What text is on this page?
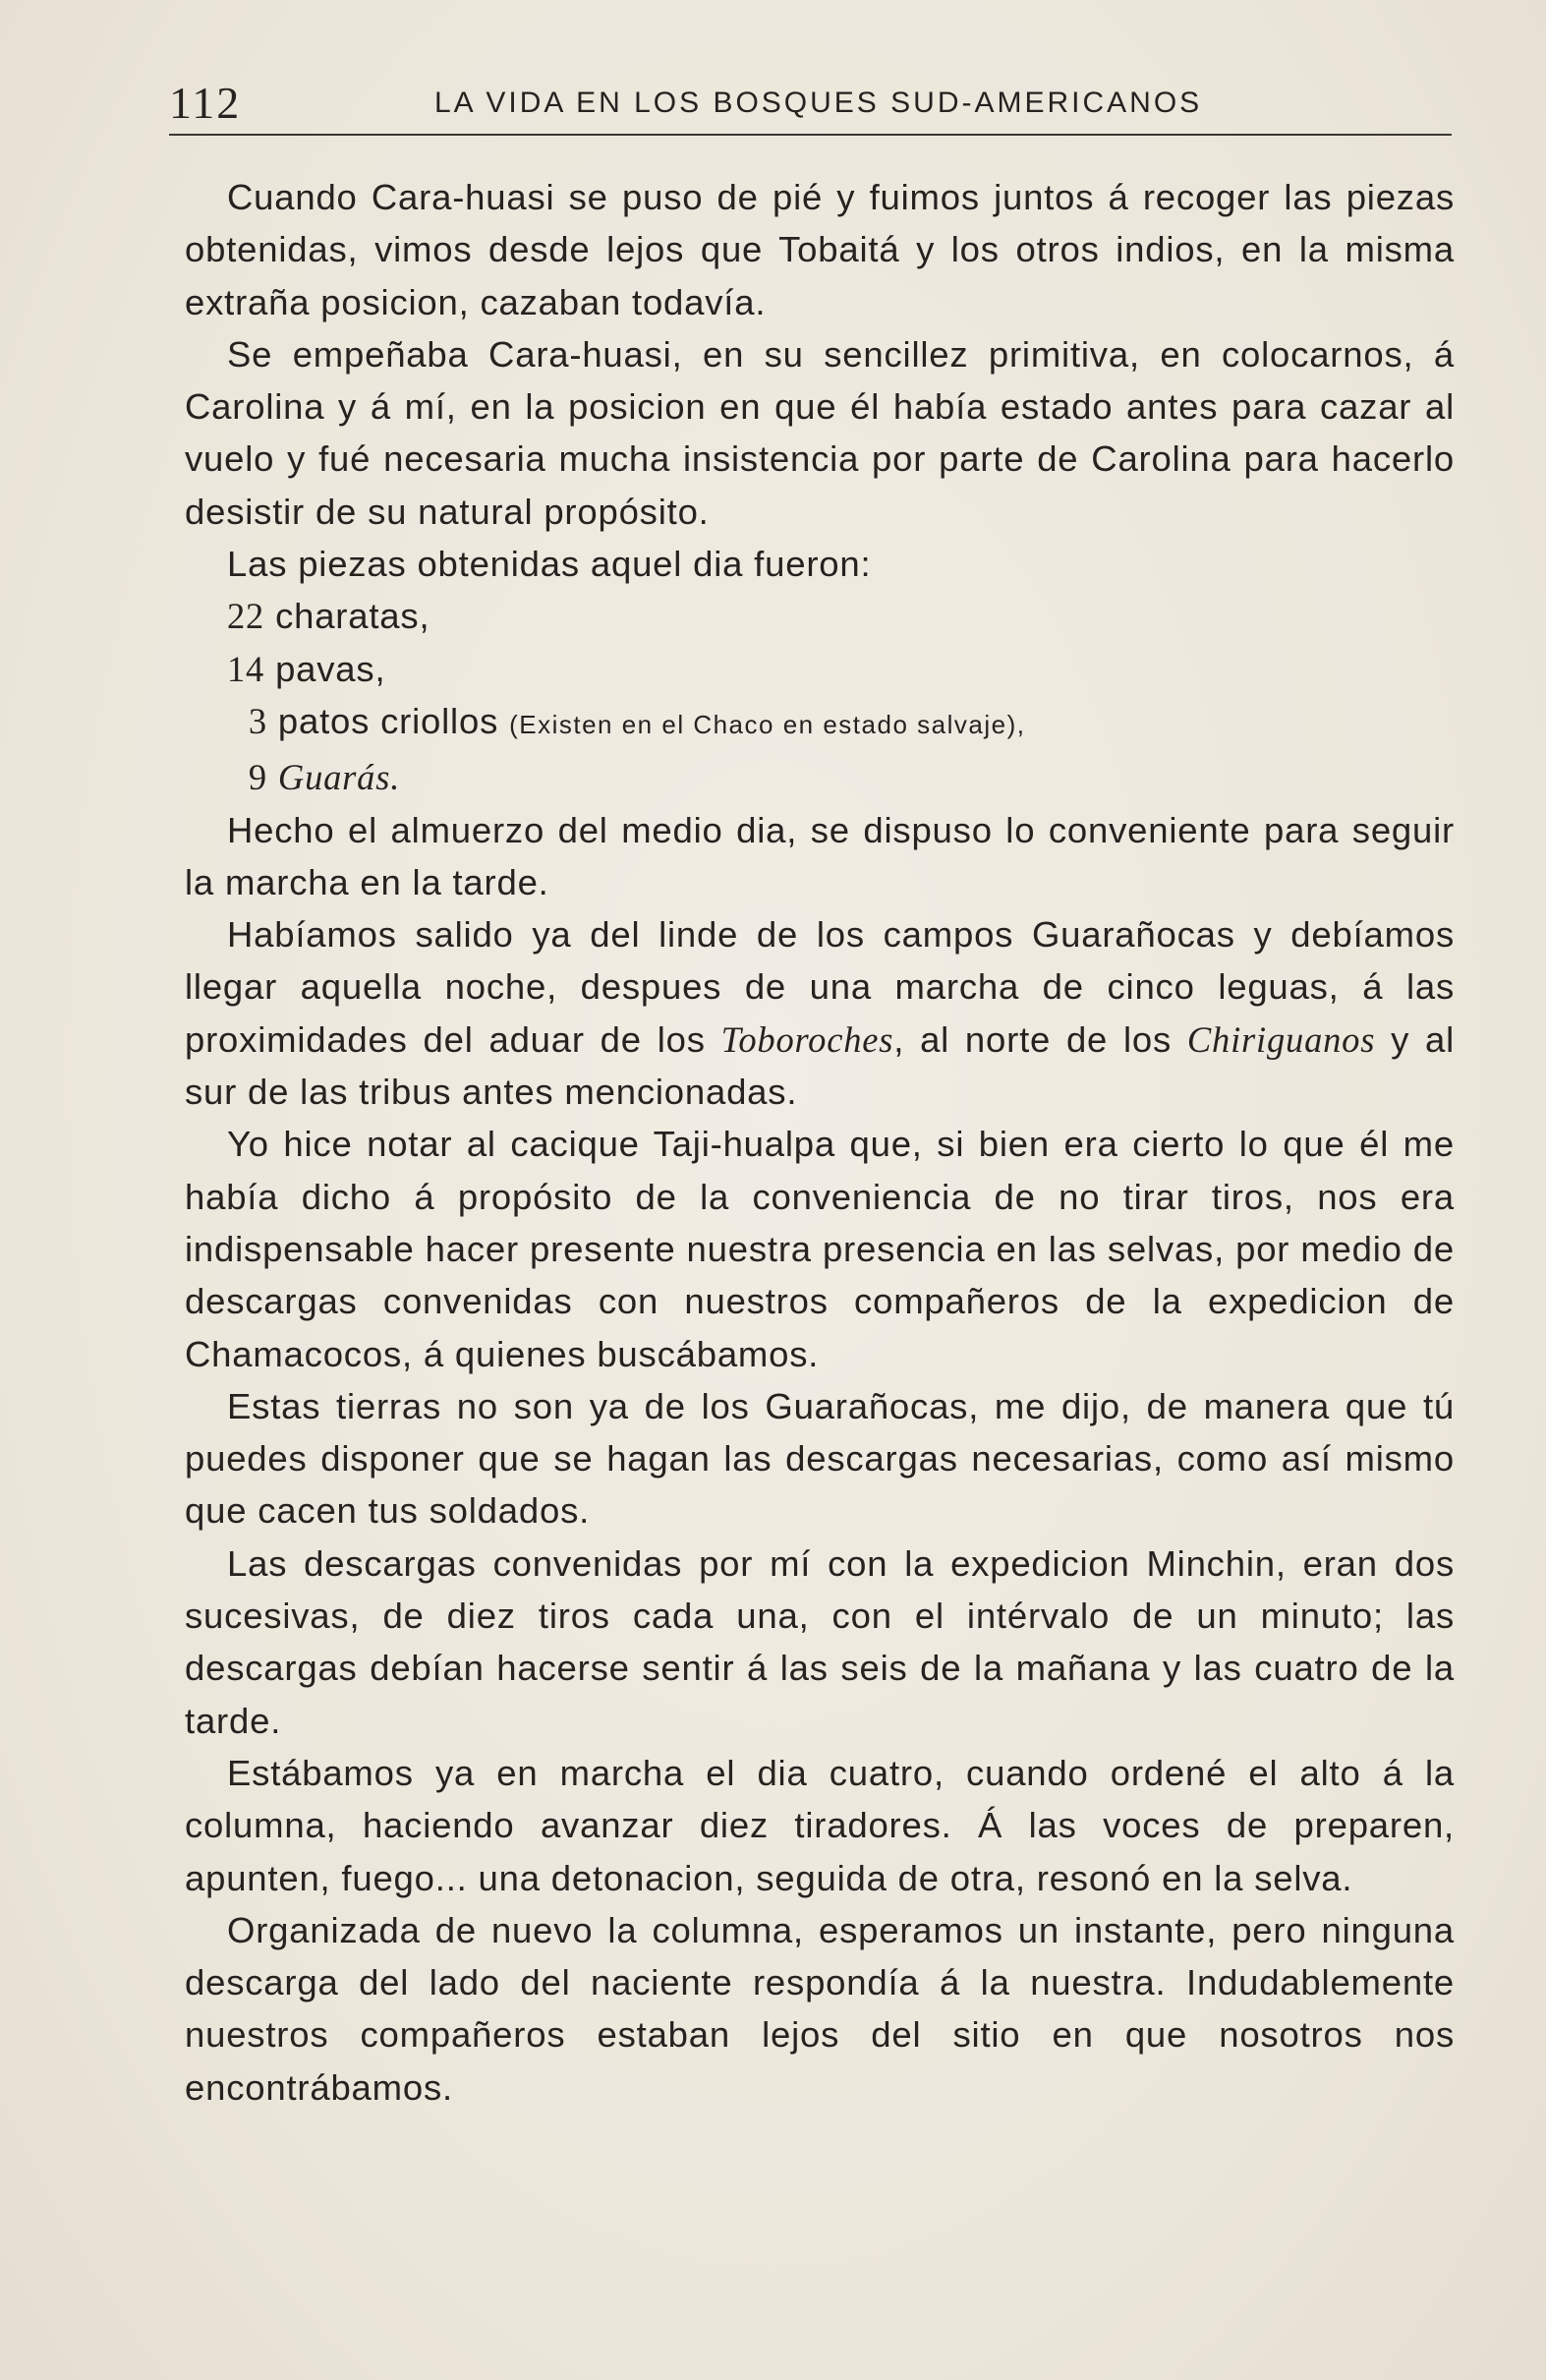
112	LA VIDA EN LOS BOSQUES SUD-AMERICANOS

Cuando Cara-huasi se puso de pié y fuimos juntos á recoger las piezas obtenidas, vimos desde lejos que Tobaitá y los otros indios, en la misma extraña posicion, cazaban todavía.

Se empeñaba Cara-huasi, en su sencillez primitiva, en colocarnos, á Carolina y á mí, en la posicion en que él había estado antes para cazar al vuelo y fué necesaria mucha insistencia por parte de Carolina para hacerlo desistir de su natural propósito.

Las piezas obtenidas aquel dia fueron:

22 charatas,

14 pavas,

3 patos criollos (Existen en el Chaco en estado salvaje),

9 Guarás.

Hecho el almuerzo del medio dia, se dispuso lo conveniente para seguir la marcha en la tarde.

Habíamos salido ya del linde de los campos Guarañocas y debíamos llegar aquella noche, despues de una marcha de cinco leguas, á las proximidades del aduar de los Toboroches, al norte de los Chiriguanos y al sur de las tribus antes mencionadas.

Yo hice notar al cacique Taji-hualpa que, si bien era cierto lo que él me había dicho á propósito de la conveniencia de no tirar tiros, nos era indispensable hacer presente nuestra presencia en las selvas, por medio de descargas convenidas con nuestros compañeros de la expedicion de Chamacocos, á quienes buscábamos.

Estas tierras no son ya de los Guarañocas, me dijo, de manera que tú puedes disponer que se hagan las descargas necesarias, como así mismo que cacen tus soldados.

Las descargas convenidas por mí con la expedicion Minchin, eran dos sucesivas, de diez tiros cada una, con el intérvalo de un minuto; las descargas debían hacerse sentir á las seis de la mañana y las cuatro de la tarde.

Estábamos ya en marcha el dia cuatro, cuando ordené el alto á la columna, haciendo avanzar diez tiradores. Á las voces de preparen, apunten, fuego... una detonacion, seguida de otra, resonó en la selva.

Organizada de nuevo la columna, esperamos un instante, pero ninguna descarga del lado del naciente respondía á la nuestra. Indudablemente nuestros compañeros estaban lejos del sitio en que nosotros nos encontrábamos.
